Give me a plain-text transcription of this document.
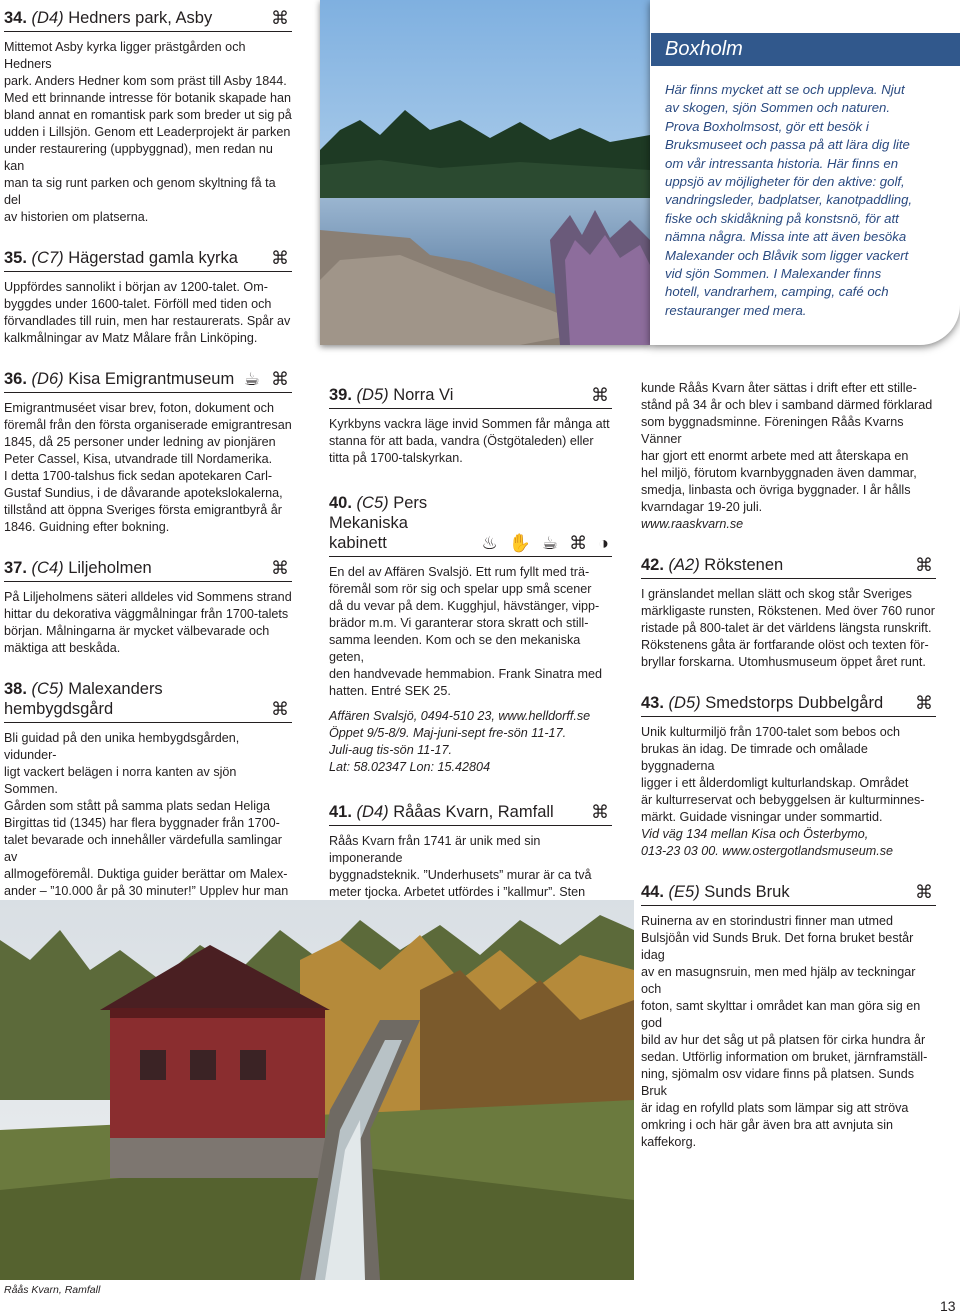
34. (D4) Hedners park, Asby	⌘

Mittemot Asby kyrka ligger prästgården och Hedners

park. Anders Hedner kom som präst till Asby 1844.

Med ett brinnande intresse för botanik skapade han

bland annat en romantisk park som breder ut sig på

udden i Lillsjön. Genom ett Leaderprojekt är parken

under restaurering (uppbyggnad), men redan nu kan

man ta sig runt parken och genom skyltning få ta del

av historien om platserna.

35. (C7) Hägerstad gamla kyrka ⌘

Uppfördes sannolikt i början av 1200-talet. Om-

byggdes under 1600-talet. Förföll med tiden och

förvandlades till ruin, men har restaurerats. Spår av

kalkmålningar av Matz Målare från Linköping.

36. (D6) Kisa Emigrantmuseum ☕ ⌘

Emigrantmuséet visar brev, foton, dokument och

föremål från den första organiserade emigrantresan

1845, då 25 personer under ledning av pionjären

Peter Cassel, Kisa, utvandrade till Nordamerika.

I detta 1700-talshus fick sedan apotekaren Carl-

Gustaf Sundius, i de dåvarande apotekslokalerna,

tillstånd att öppna Sveriges första emigrantbyrå år

1846. Guidning efter bokning.

37. (C4) Liljeholmen	⌘

På Liljeholmens säteri alldeles vid Sommens strand

hittar du dekorativa väggmålningar från 1700-talets

början. Målningarna är mycket välbevarade och

mäktiga att beskåda.

38. (C5) Malexanders hembygdsgård	⌘

Bli guidad på den unika hembygdsgården, vidunder-

ligt vackert belägen i norra kanten av sjön Sommen.

Gården som stått på samma plats sedan Heliga

Birgittas tid (1345) har flera byggnader från 1700-

talet bevarade och innehåller värdefulla samlingar av

allmogeföremål. Duktiga guider berättar om Malex-

ander – ”10.000 år på 30 minuter!” Upplev hur man

Boxholm
Här finns mycket att se och uppleva. Njut
av skogen, sjön Sommen och naturen.
Prova Boxholmsost, gör ett besök i
Bruksmuseet och passa på att lära dig lite
om vår intressanta historia. Här finns en
uppsjö av möjligheter för den aktive: golf,
vandringsleder, badplatser, kanotpaddling,
fiske och skidåkning på konstsnö, för att
nämna några. Missa inte att även besöka
Malexander och Blåvik som ligger vackert
vid sjön Sommen. I Malexander finns
hotell, vandrarhem, camping, café och
restauranger med mera.
39. (D5) Norra Vi	⌘

Kyrkbyns vackra läge invid Sommen får många att

stanna för att bada, vandra (Östgötaleden) eller

titta på 1700-talskyrkan.

40. (C5) Pers Mekaniska
kabinett	♨ ✋ ☕ ⌘ ◑

En del av Affären Svalsjö. Ett rum fyllt med trä-

föremål som rör sig och spelar upp små scener

då du vevar på dem. Kugghjul, hävstänger, vipp-

brädor m.m. Vi garanterar stora skratt och still-

samma leenden. Kom och se den mekaniska geten,

den handvevade hemmabion. Frank Sinatra med

hatten. Entré SEK 25.

Affären Svalsjö, 0494-510 23, www.helldorff.se

Öppet 9/5-8/9. Maj-juni-sept fre-sön 11-17.

Juli-aug tis-sön 11-17.

Lat: 58.02347 Lon: 15.42804

41. (D4) Rååas Kvarn, Ramfall ⌘

Råås Kvarn från 1741 är unik med sin imponerande

byggnadsteknik. ”Underhusets” murar är ca två

meter tjocka. Arbetet utfördes i ”kallmur”. Sten

kunde Råås Kvarn åter sättas i drift efter ett stille-

stånd på 34 år och blev i samband därmed förklarad

som byggnadsminne. Föreningen Råås Kvarns Vänner

har gjort ett enormt arbete med att återskapa en

hel miljö, förutom kvarnbyggnaden även dammar,

smedja, linbasta och övriga byggnader. I år hålls

kvarndagar 19-20 juli.

www.raaskvarn.se

42. (A2) Rökstenen	⌘

I gränslandet mellan slätt och skog står Sveriges

märkligaste runsten, Rökstenen. Med över 760 runor

ristade på 800-talet är det världens längsta runskrift.

Rökstenens gåta är fortfarande olöst och texten för-

bryllar forskarna. Utomhusmuseum öppet året runt.

43. (D5) Smedstorps Dubbelgård ⌘

Unik kulturmiljö från 1700-talet som bebos och

brukas än idag. De timrade och omålade byggnaderna

ligger i ett ålderdomligt kulturlandskap. Området

är kulturreservat och bebyggelsen är kulturminnes-

märkt. Guidade visningar under sommartid.

Vid väg 134 mellan Kisa och Österbymo,

013-23 03 00. www.ostergotlandsmuseum.se

44. (E5) Sunds Bruk	⌘

Ruinerna av en storindustri finner man utmed

Bulsjöån vid Sunds Bruk. Det forna bruket består idag

av en masugnsruin, men med hjälp av teckningar och

foton, samt skylttar i området kan man göra sig en god

bild av hur det såg ut på platsen för cirka hundra år

sedan. Utförlig information om bruket, järnframställ-

ning, sjömalm osv vidare finns på platsen. Sunds Bruk

är idag en rofylld plats som lämpar sig att ströva

omkring i och här går även bra att avnjuta sin

kaffekorg.

Råås Kvarn, Ramfall
13
